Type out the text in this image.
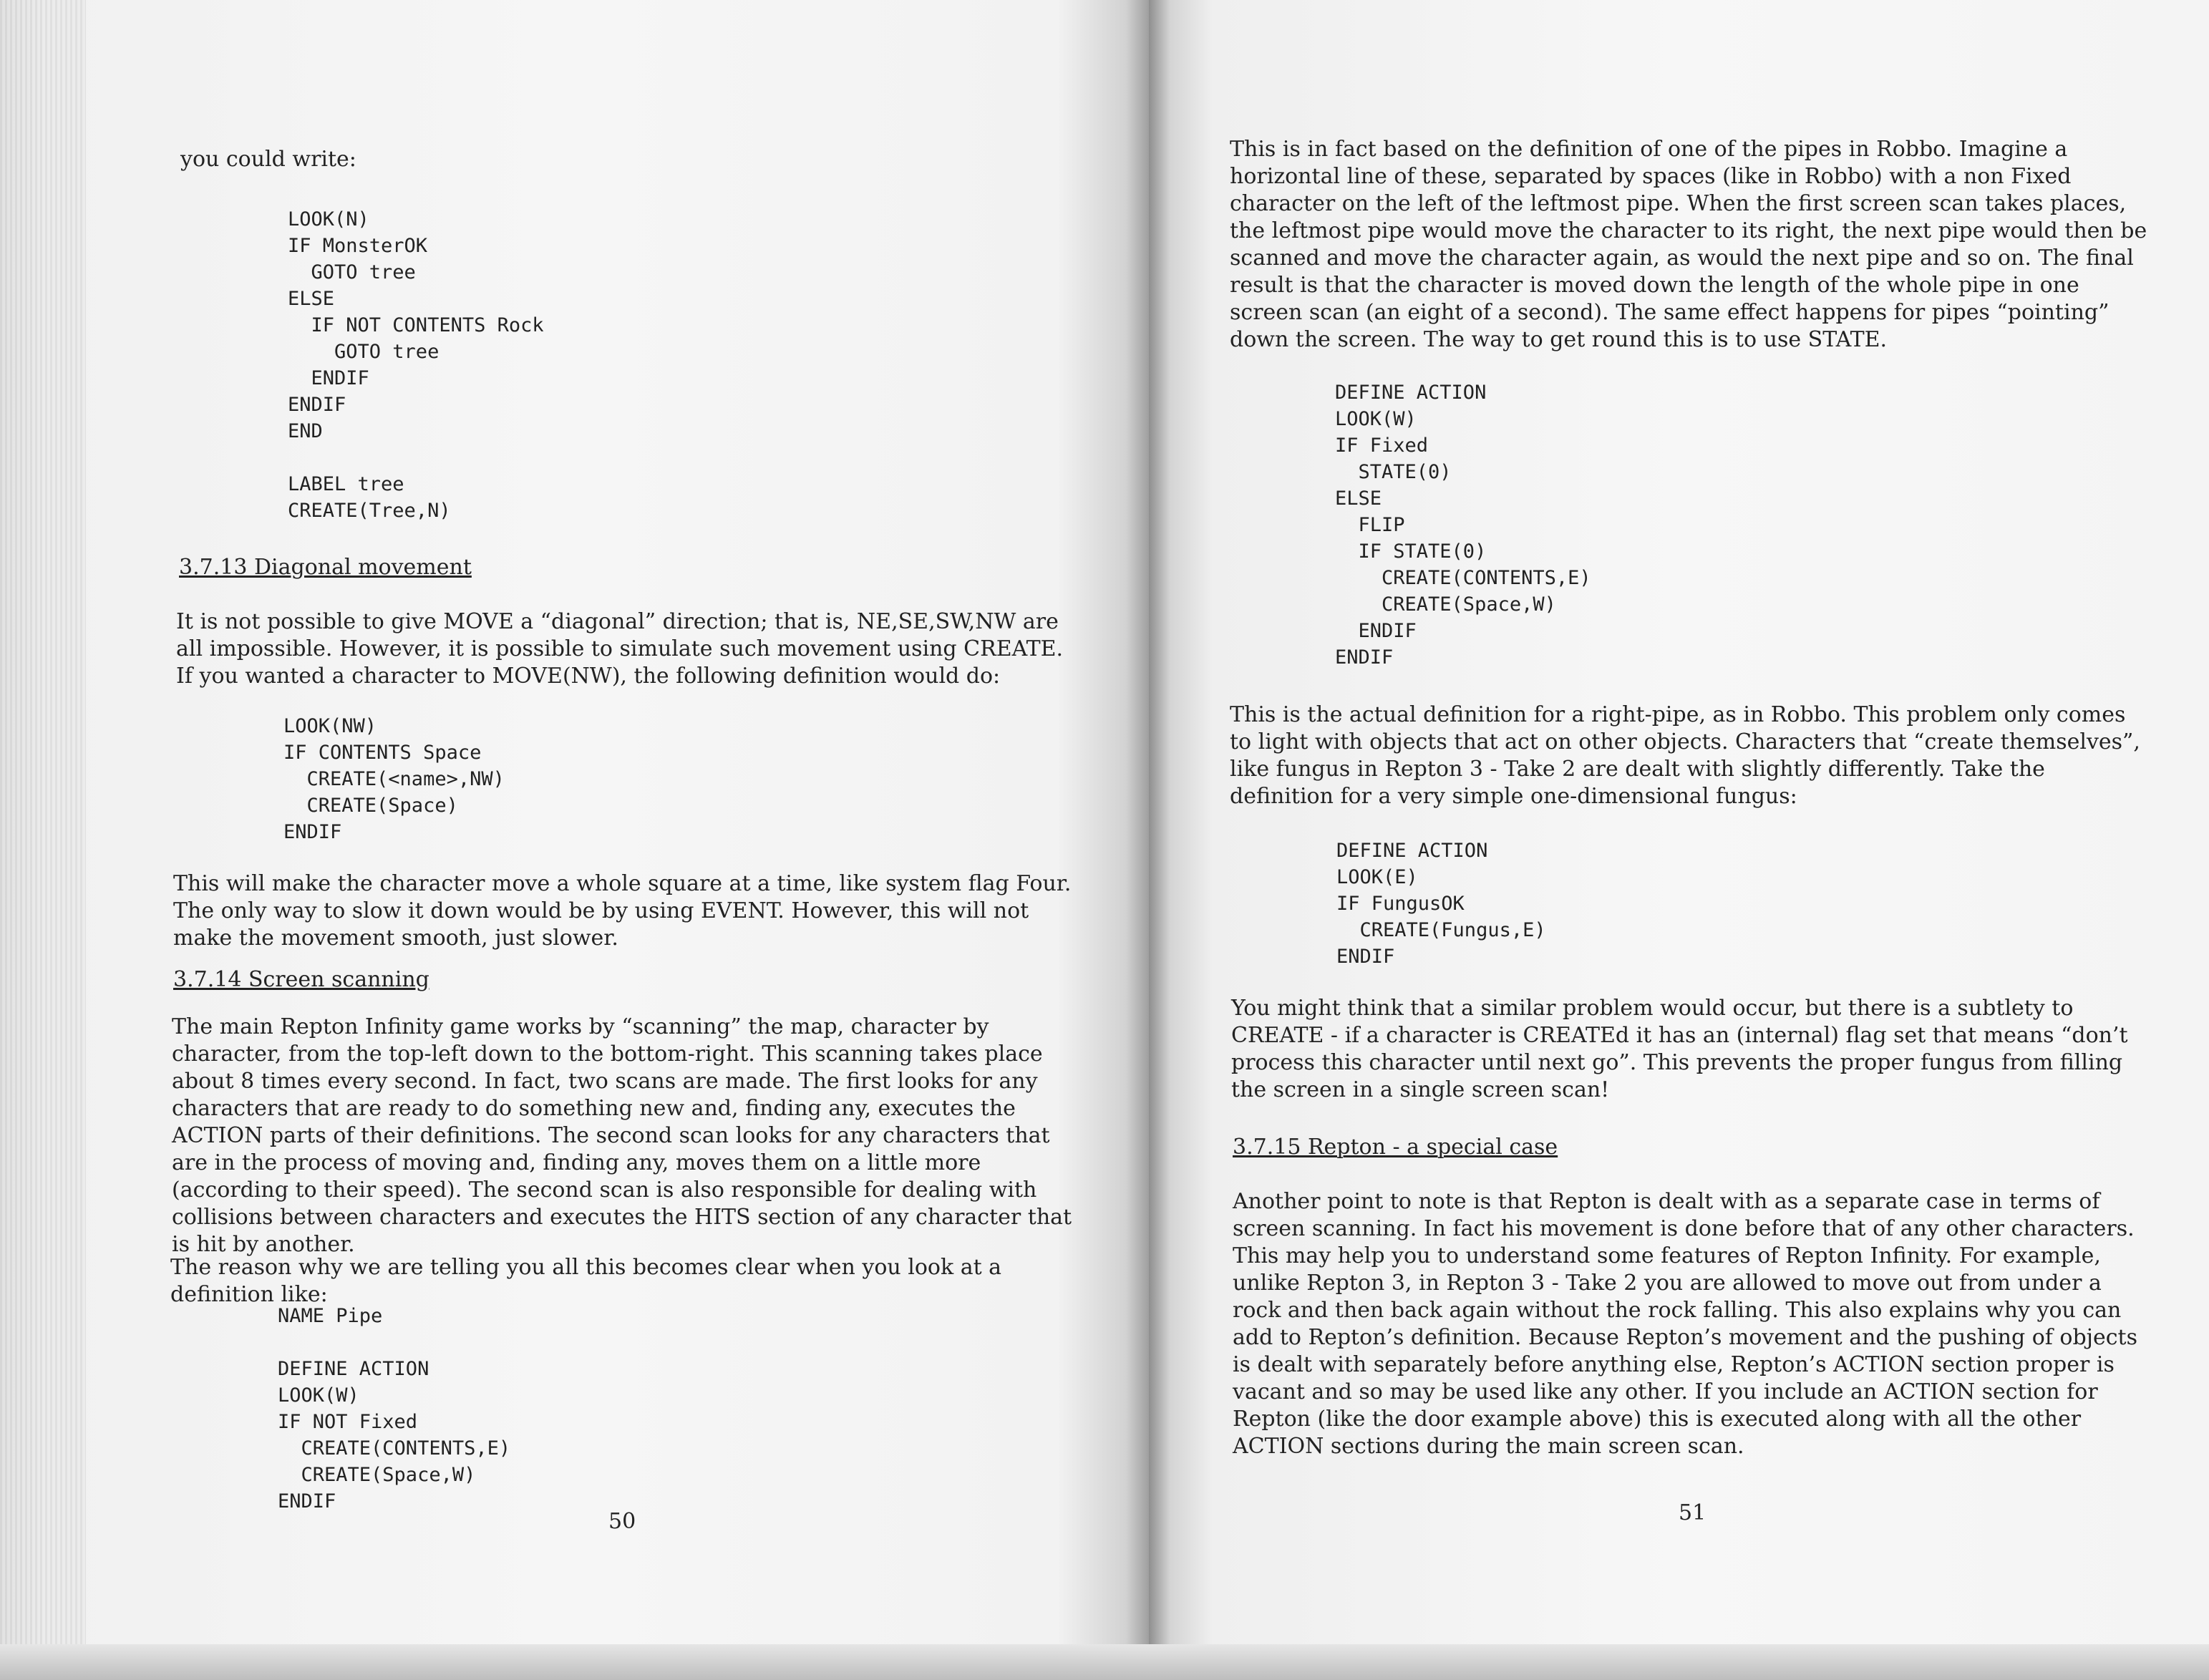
you could write:

LOOK(N)
IF MonsterOK
GOTO tree
ELSE
IF NOT CONTENTS Rock
GOTO tree
ENDIF
ENDIF
END

LABEL tree
CREATE(Tree,N)

3.7.13 Diagonal movement

It is not possible to give MOVE a “diagonal” direction; that is, NE,SE,SW,NW are all impossible. However, it is possible to simulate such movement using CREATE. If you wanted a character to MOVE(NW), the following definition would do:

LOOK(NW)
IF CONTENTS Space
CREATE(<name>,NW)
CREATE(Space)
ENDIF

This will make the character move a whole square at a time, like system flag Four. The only way to slow it down would be by using EVENT. However, this will not make the movement smooth, just slower.

3.7.14 Screen scanning

The main Repton Infinity game works by “scanning” the map, character by character, from the top-left down to the bottom-right. This scanning takes place about 8 times every second. In fact, two scans are made. The first looks for any characters that are ready to do something new and, finding any, executes the ACTION parts of their definitions. The second scan looks for any characters that are in the process of moving and, finding any, moves them on a little more (according to their speed). The second scan is also responsible for dealing with collisions between characters and executes the HITS section of any character that is hit by another.

The reason why we are telling you all this becomes clear when you look at a definition like:

NAME Pipe

DEFINE ACTION
LOOK(W)
IF NOT Fixed
CREATE(CONTENTS,E)
CREATE(Space,W)
ENDIF
50

This is in fact based on the definition of one of the pipes in Robbo. Imagine a horizontal line of these, separated by spaces (like in Robbo) with a non Fixed character on the left of the leftmost pipe. When the first screen scan takes places, the leftmost pipe would move the character to its right, the next pipe would then be scanned and move the character again, as would the next pipe and so on. The final result is that the character is moved down the length of the whole pipe in one screen scan (an eight of a second). The same effect happens for pipes “pointing” down the screen. The way to get round this is to use STATE.

DEFINE ACTION
LOOK(W)
IF Fixed
STATE(0)
ELSE
FLIP
IF STATE(0)
CREATE(CONTENTS,E)
CREATE(Space,W)
ENDIF
ENDIF

This is the actual definition for a right-pipe, as in Robbo. This problem only comes to light with objects that act on other objects. Characters that “create themselves”, like fungus in Repton 3 - Take 2 are dealt with slightly differently. Take the definition for a very simple one-dimensional fungus:

DEFINE ACTION
LOOK(E)
IF FungusOK
CREATE(Fungus,E)
ENDIF

You might think that a similar problem would occur, but there is a subtlety to CREATE - if a character is CREATEd it has an (internal) flag set that means “don’t process this character until next go”. This prevents the proper fungus from filling the screen in a single screen scan!

3.7.15 Repton - a special case

Another point to note is that Repton is dealt with as a separate case in terms of screen scanning. In fact his movement is done before that of any other characters. This may help you to understand some features of Repton Infinity. For example, unlike Repton 3, in Repton 3 - Take 2 you are allowed to move out from under a rock and then back again without the rock falling. This also explains why you can add to Repton’s definition. Because Repton’s movement and the pushing of objects is dealt with separately before anything else, Repton’s ACTION section proper is vacant and so may be used like any other. If you include an ACTION section for Repton (like the door example above) this is executed along with all the other ACTION sections during the main screen scan.

51
